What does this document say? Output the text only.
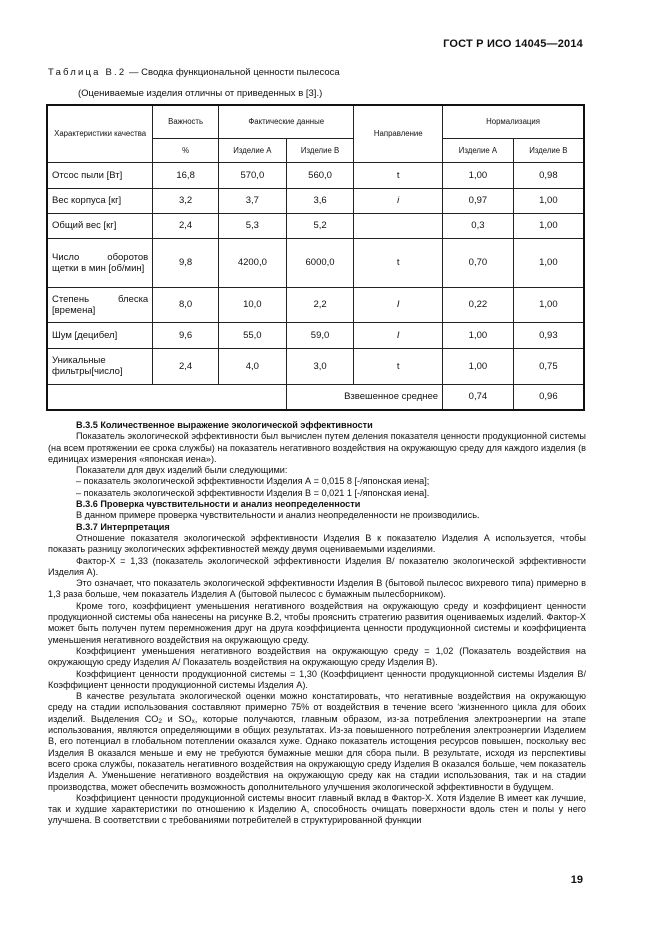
ГОСТ Р ИСО 14045—2014
Таблица В.2 — Сводка функциональной ценности пылесоса
(Оцениваемые изделия отличны от приведенных в [3].)
Характеристики качества	Важность	Фактические данные		Направление	Нормализация	
	%	Изделие А	Изделие В		Изделие А	Изделие В
Отсос пыли [Вт]	16,8	570,0	560,0	t	1,00	0,98
Вес корпуса [кг]	3,2	3,7	3,6	i	0,97	1,00
Общий вес [кг]	2,4	5,3	5,2		0,3	1,00
Число оборотов щетки в мин [об/мин]	9,8	4200,0	6000,0	t	0,70	1,00
Степень блеска [времена]	8,0	10,0	2,2	I	0,22	1,00
Шум [децибел]	9,6	55,0	59,0	I	1,00	0,93
Уникальные фильтры[число]	2,4	4,0	3,0	t	1,00	0,75
			Взвешенное среднее		0,74	0,96

В.3.5 Количественное выражение экологической эффективности

Показатель экологической эффективности был вычислен путем деления показателя ценности продукционной системы (на всем протяжении ее срока службы) на показатель негативного воздействия на окружающую среду для каждого изделия (в единицах измерения «японская иена»).

Показатели для двух изделий были следующими:

– показатель экологической эффективности Изделия А = 0,015 8 [-/японская иена];

– показатель экологической эффективности Изделия В = 0,021 1 [-/японская иена].

В.3.6 Проверка чувствительности и анализ неопределенности

В данном примере проверка чувствительности и анализ неопределенности не производились.

В.3.7 Интерпретация

Отношение показателя экологической эффективности Изделия В к показателю Изделия А используется, чтобы показать разницу экологических эффективностей между двумя оцениваемыми изделиями.

Фактор-X = 1,33 (показатель экологической эффективности Изделия В/ показателю экологической эффективности Изделия А).

Это означает, что показатель экологической эффективности Изделия В (бытовой пылесос вихревого типа) примерно в 1,3 раза больше, чем показатель Изделия А (бытовой пылесос с бумажным пылесборником).

Кроме того, коэффициент уменьшения негативного воздействия на окружающую среду и коэффициент ценности продукционной системы оба нанесены на рисунке В.2, чтобы прояснить стратегию развития оцениваемых изделий. Фактор-X может быть получен путем перемножения друг на друга коэффициента ценности продукционной системы и коэффициента уменьшения негативного воздействия на окружающую среду.

Коэффициент уменьшения негативного воздействия на окружающую среду = 1,02 (Показатель воздействия на окружающую среду Изделия А/ Показатель воздействия на окружающую среду Изделия В).

Коэффициент ценности продукционной системы = 1,30 (Коэффициент ценности продукционной системы Изделия В/ Коэффициент ценности продукционной системы Изделия А).

В качестве результата экологической оценки можно констатировать, что негативные воздействия на окружающую среду на стадии использования составляют примерно 75% от воздействия в течение всего ‘жизненного цикла для обоих изделий. Выделения $CO_2$ и $SO_x$, которые получаются, главным образом, из-за потребления электроэнергии на этапе использования, являются определяющими в общих результатах. Из-за повышенного потребления электроэнергии Изделием В, его потенциал в глобальном потеплении оказался хуже. Однако показатель истощения ресурсов повышен, поскольку вес Изделия В оказался меньше и ему не требуются бумажные мешки для сбора пыли. В результате, исходя из перспективы всего срока службы, показатель негативного воздействия на окружающую среду Изделия В оказался больше, чем показатель Изделия А. Уменьшение негативного воздействия на окружающую среду как на стадии использования, так и на стадии производства, может обеспечить возможность дополнительного улучшения экологической эффективности в будущем.

Коэффициент ценности продукционной системы вносит главный вклад в Фактор-X. Хотя Изделие В имеет как лучшие, так и худшие характеристики по отношению к Изделию А, способность очищать поверхности вдоль стен и полы у него улучшена. В соответствии с требованиями потребителей в структурированной функции

19
